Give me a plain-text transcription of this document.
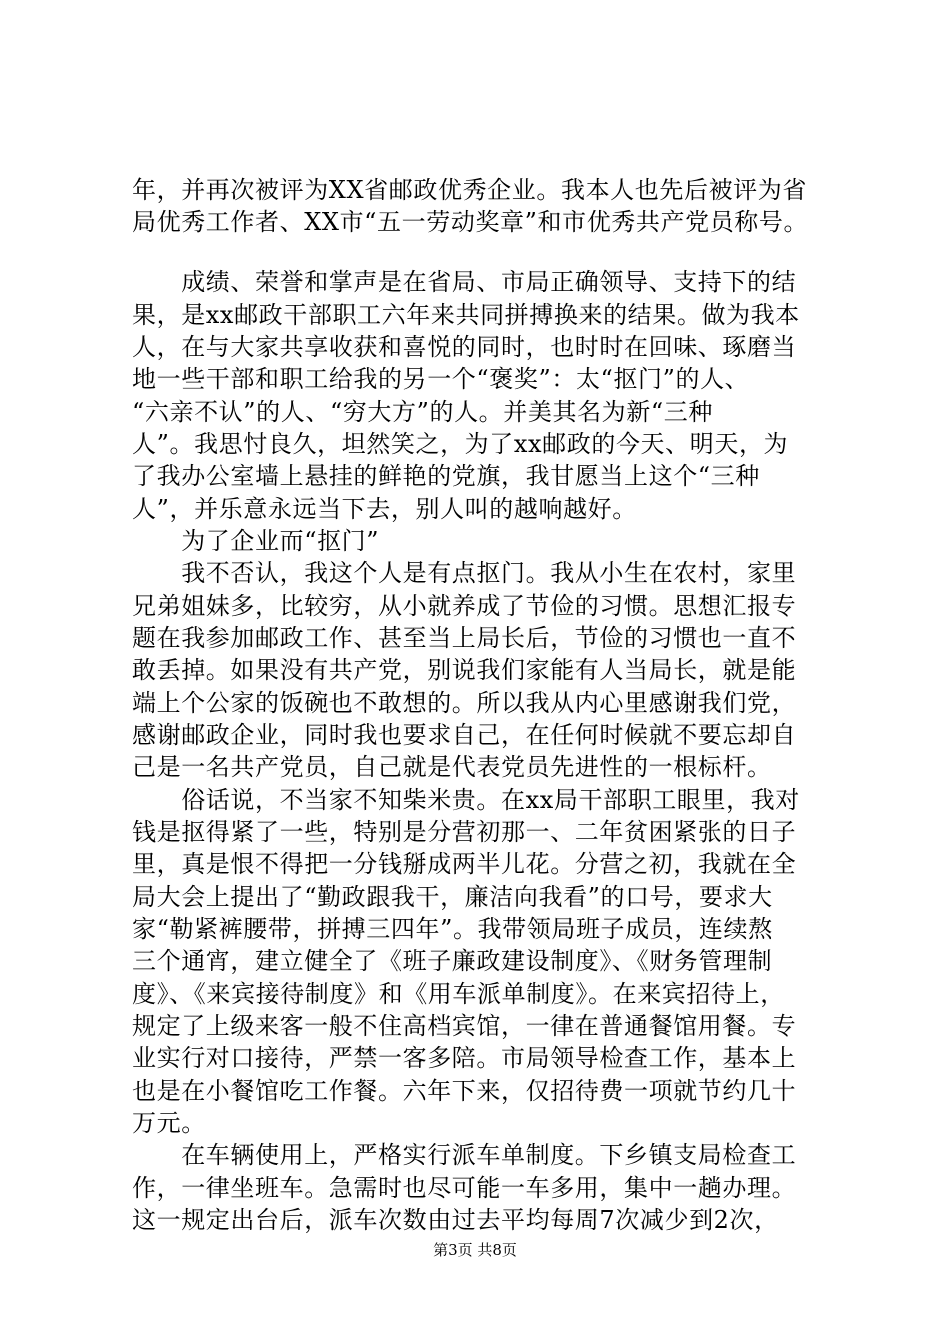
年，并再次被评为XX省邮政优秀企业。我本人也先后被评为省
局优秀工作者、XX市“五一劳动奖章”和市优秀共产党员称号。
　　成绩、荣誉和掌声是在省局、市局正确领导、支持下的结
果，是xx邮政干部职工六年来共同拼搏换来的结果。做为我本
人，在与大家共享收获和喜悦的同时，也时时在回味、琢磨当
地一些干部和职工给我的另一个“褒奖”：太“抠门”的人、
“六亲不认”的人、“穷大方”的人。并美其名为新“三种
人”。我思忖良久，坦然笑之，为了xx邮政的今天、明天，为
了我办公室墙上悬挂的鲜艳的党旗，我甘愿当上这个“三种
人”，并乐意永远当下去，别人叫的越响越好。
　　为了企业而“抠门”
　　我不否认，我这个人是有点抠门。我从小生在农村，家里
兄弟姐妹多，比较穷，从小就养成了节俭的习惯。思想汇报专
题在我参加邮政工作、甚至当上局长后，节俭的习惯也一直不
敢丢掉。如果没有共产党，别说我们家能有人当局长，就是能
端上个公家的饭碗也不敢想的。所以我从内心里感谢我们党，
感谢邮政企业，同时我也要求自己，在任何时候就不要忘却自
己是一名共产党员，自己就是代表党员先进性的一根标杆。
　　俗话说，不当家不知柴米贵。在xx局干部职工眼里，我对
钱是抠得紧了一些，特别是分营初那一、二年贫困紧张的日子
里，真是恨不得把一分钱掰成两半儿花。分营之初，我就在全
局大会上提出了“勤政跟我干，廉洁向我看”的口号，要求大
家“勒紧裤腰带，拼搏三四年”。我带领局班子成员，连续熬
三个通宵，建立健全了《班子廉政建设制度》、《财务管理制
度》、《来宾接待制度》和《用车派单制度》。在来宾招待上，
规定了上级来客一般不住高档宾馆，一律在普通餐馆用餐。专
业实行对口接待，严禁一客多陪。市局领导检查工作，基本上
也是在小餐馆吃工作餐。六年下来，仅招待费一项就节约几十
万元。
　　在车辆使用上，严格实行派车单制度。下乡镇支局检查工
作，一律坐班车。急需时也尽可能一车多用，集中一趟办理。
这一规定出台后，派车次数由过去平均每周7次减少到2次，
第3页 共8页
